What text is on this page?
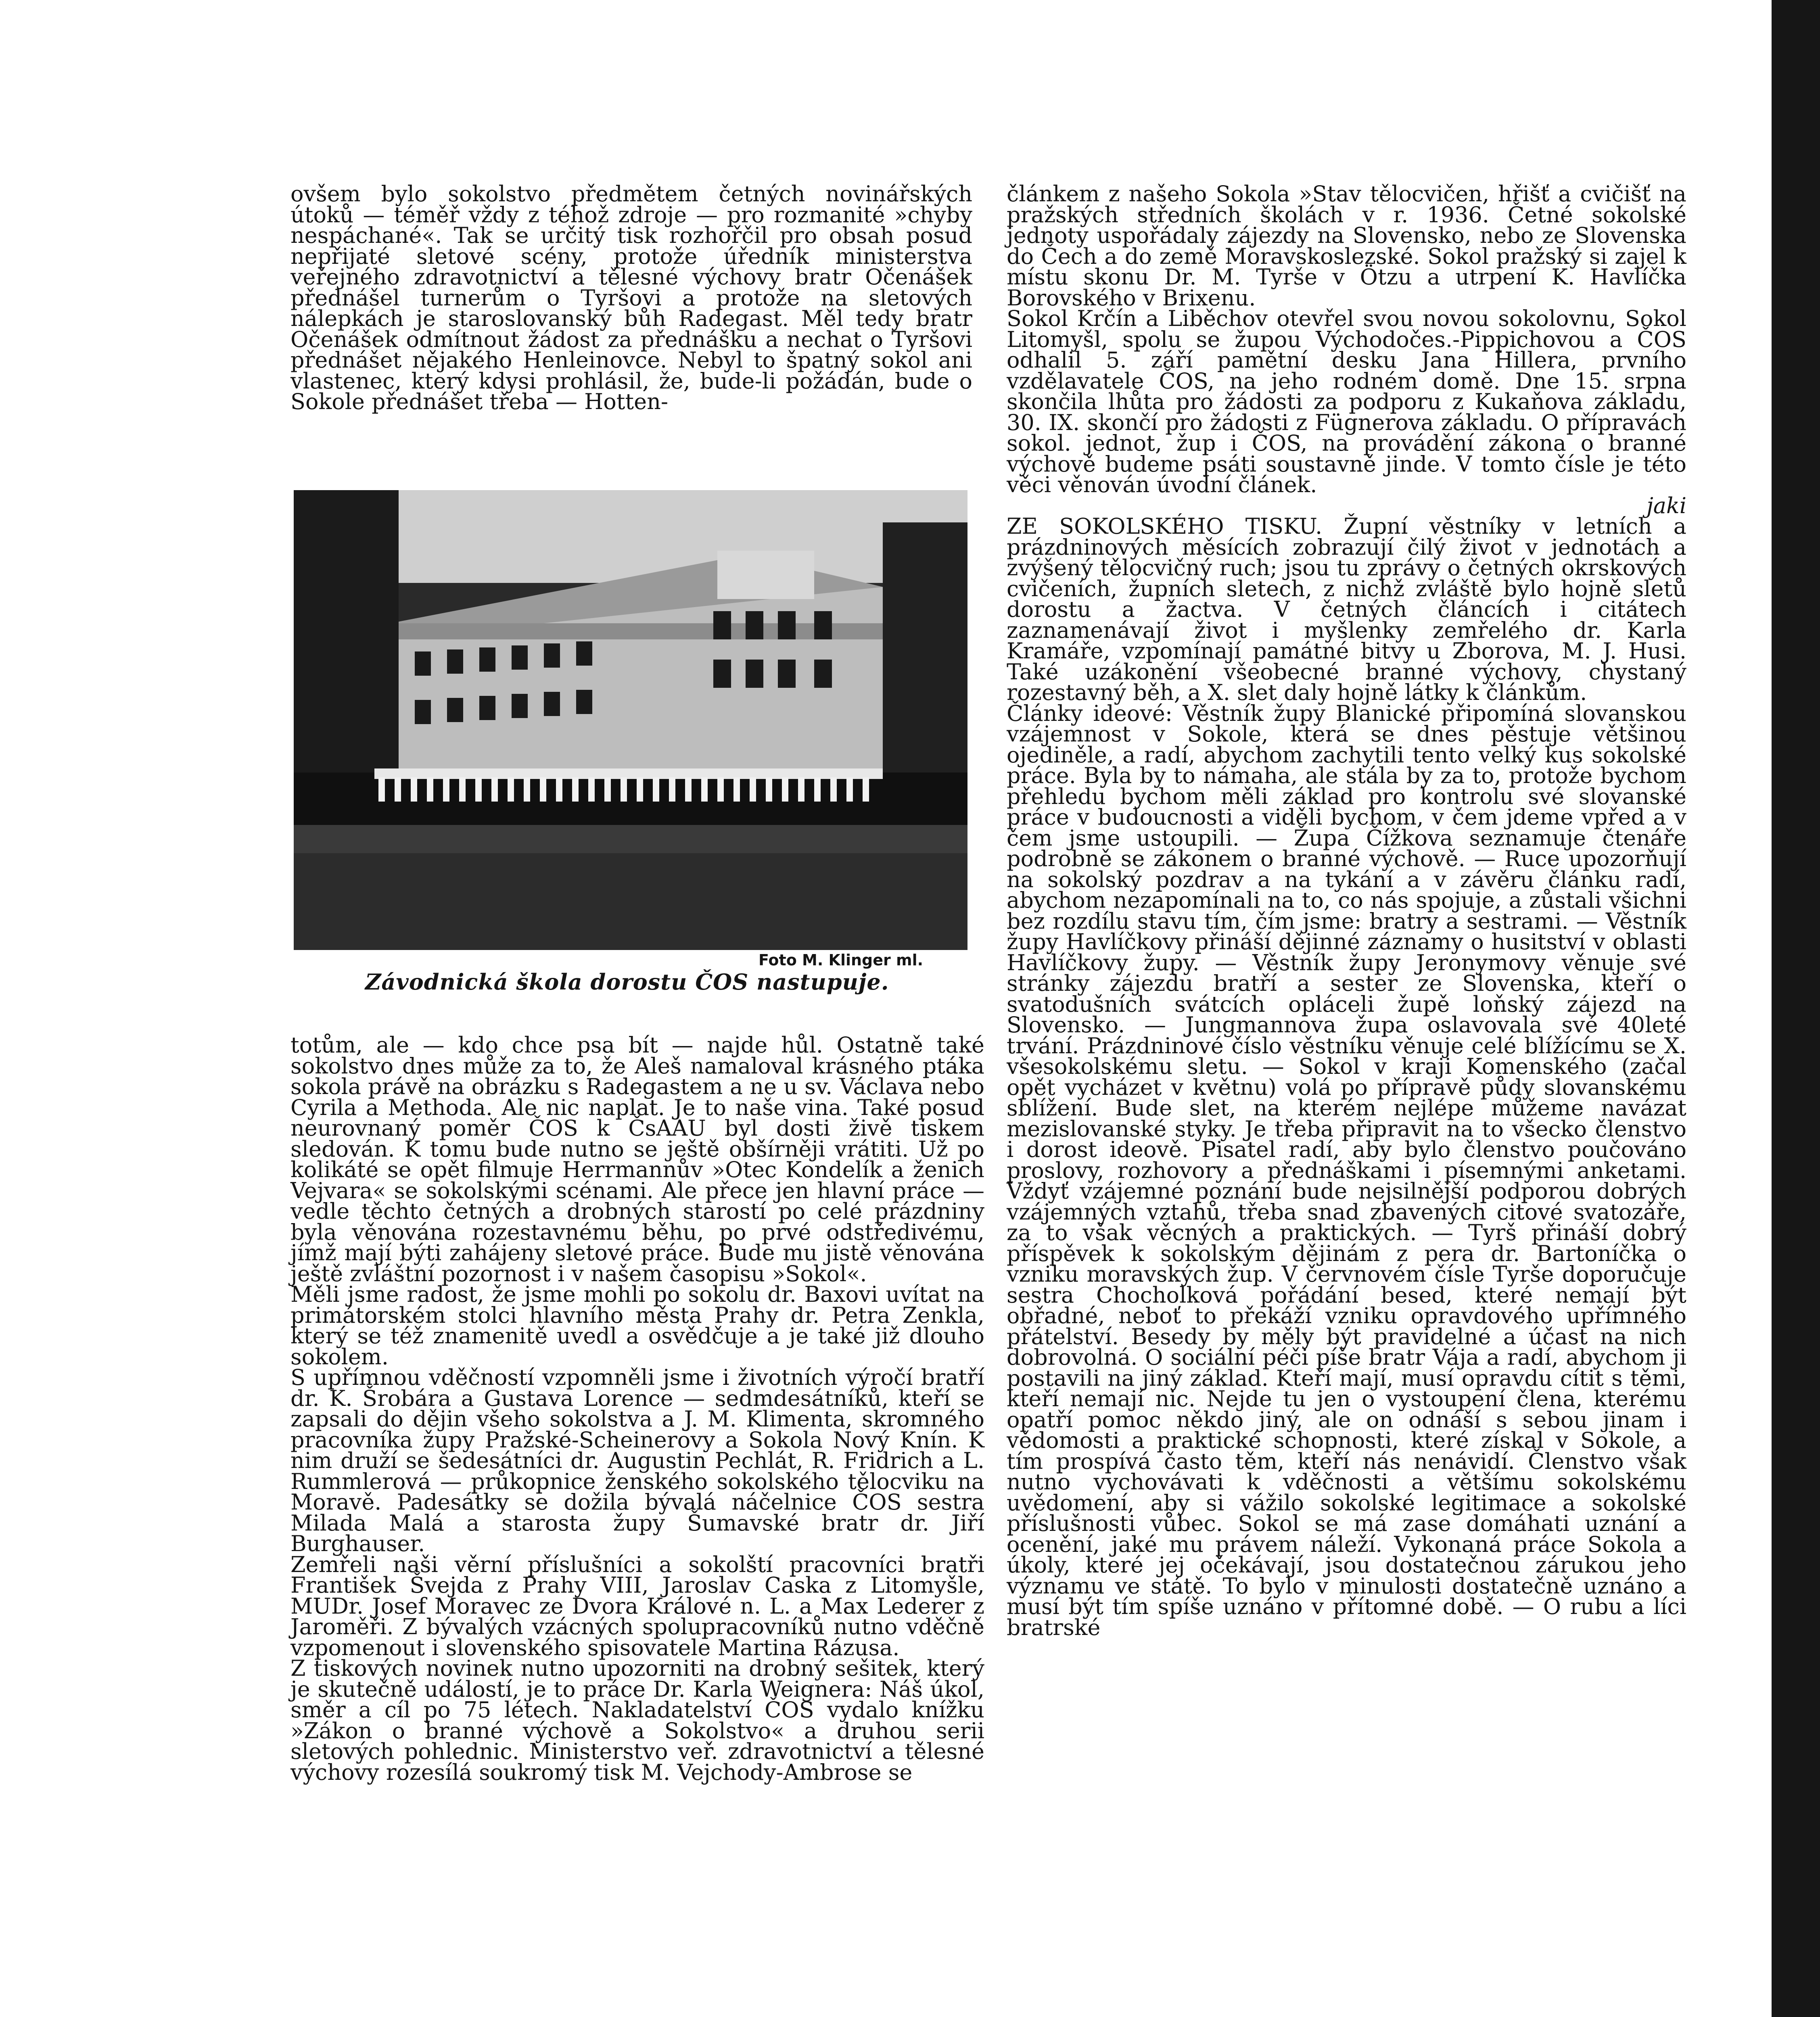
ovšem bylo sokolstvo předmětem četných novinářských útoků — téměř vždy z téhož zdroje — pro rozmanité »chyby nespáchané«. Tak se určitý tisk rozhořčil pro obsah posud nepřijaté sletové scény, protože úředník ministerstva veřejného zdravotnictví a tělesné výchovy bratr Očenášek přednášel turnerům o Tyršovi a protože na sletových nálepkách je staroslovanský bůh Radegast. Měl tedy bratr Očenášek odmítnout žádost za přednášku a nechat o Tyršovi přednášet nějakého Henleinovce. Nebyl to špatný sokol ani vlastenec, který kdysi prohlásil, že, bude-li požádán, bude o Sokole přednášet třeba — Hotten-

Foto M. Klinger ml.
Závodnická škola dorostu ČOS nastupuje.

totům, ale — kdo chce psa bít — najde hůl. Ostatně také sokolstvo dnes může za to, že Aleš namaloval krásného ptáka sokola právě na obrázku s Radegastem a ne u sv. Václava nebo Cyrila a Methoda. Ale nic naplat. Je to naše vina. Také posud neurovnaný poměr ČOS k ČsAAU byl dosti živě tiskem sledován. K tomu bude nutno se ještě obšírněji vrátiti. Už po kolikáté se opět filmuje Herrmannův »Otec Kondelík a ženich Vejvara« se sokolskými scénami. Ale přece jen hlavní práce — vedle těchto četných a drobných starostí po celé prázdniny byla věnována rozestavnému běhu, po prvé odstředivému, jímž mají býti zahájeny sletové práce. Bude mu jistě věnována ještě zvláštní pozornost i v našem časopisu »Sokol«.

Měli jsme radost, že jsme mohli po sokolu dr. Baxovi uvítat na primátorském stolci hlavního města Prahy dr. Petra Zenkla, který se též znamenitě uvedl a osvědčuje a je také již dlouho sokolem.

S upřímnou vděčností vzpomněli jsme i životních výročí bratří dr. K. Šrobára a Gustava Lorence — sedmdesátníků, kteří se zapsali do dějin všeho sokolstva a J. M. Klimenta, skromného pracovníka župy Pražské-Scheinerovy a Sokola Nový Knín. K nim druží se šedesátníci dr. Augustin Pechlát, R. Fridrich a L. Rummlerová — průkopnice ženského sokolského tělocviku na Moravě. Padesátky se dožila bývalá náčelnice ČOS sestra Milada Malá a starosta župy Šumavské bratr dr. Jiří Burghauser.

Zemřeli naši věrní příslušníci a sokolští pracovníci bratři František Švejda z Prahy VIII, Jaroslav Caska z Litomyšle, MUDr. Josef Moravec ze Dvora Králové n. L. a Max Lederer z Jaroměři. Z bývalých vzácných spolupracovníků nutno vděčně vzpomenout i slovenského spisovatele Martina Rázusa.

Z tiskových novinek nutno upozorniti na drobný sešitek, který je skutečně událostí, je to práce Dr. Karla Weignera: Náš úkol, směr a cíl po 75 létech. Nakladatelství ČOS vydalo knížku »Zákon o branné výchově a Sokolstvo« a druhou serii sletových pohlednic. Ministerstvo veř. zdravotnictví a tělesné výchovy rozesílá soukromý tisk M. Vejchody-Ambrose se

článkem z našeho Sokola »Stav tělocvičen, hřišť a cvičišť na pražských středních školách v r. 1936. Četné sokolské jednoty uspořádaly zájezdy na Slovensko, nebo ze Slovenska do Čech a do země Moravskoslezské. Sokol pražský si zajel k místu skonu Dr. M. Tyrše v Ötzu a utrpení K. Havlíčka Borovského v Brixenu.

Sokol Krčín a Liběchov otevřel svou novou sokolovnu, Sokol Litomyšl, spolu se župou Východočes.-Pippichovou a ČOS odhalil 5. září pamětní desku Jana Hillera, prvního vzdělavatele ČOS, na jeho rodném domě. Dne 15. srpna skončila lhůta pro žádosti za podporu z Kukaňova základu, 30. IX. skončí pro žádosti z Fügnerova základu. O přípravách sokol. jednot, žup i ČOS, na provádění zákona o branné výchově budeme psáti soustavně jinde. V tomto čísle je této věci věnován úvodní článek.

jaki

ZE SOKOLSKÉHO TISKU. Župní věstníky v letních a prázdninových měsících zobrazují čilý život v jednotách a zvýšený tělocvičný ruch; jsou tu zprávy o četných okrskových cvičeních, župních sletech, z nichž zvláště bylo hojně sletů dorostu a žactva. V četných článcích i citátech zaznamenávají život i myšlenky zemřelého dr. Karla Kramáře, vzpomínají památné bitvy u Zborova, M. J. Husi. Také uzákonění všeobecné branné výchovy, chystaný rozestavný běh, a X. slet daly hojně látky k článkům.

Články ideové: Věstník župy Blanické připomíná slovanskou vzájemnost v Sokole, která se dnes pěstuje většinou ojediněle, a radí, abychom zachytili tento velký kus sokolské práce. Byla by to námaha, ale stála by za to, protože bychom přehledu bychom měli základ pro kontrolu své slovanské práce v budoucnosti a viděli bychom, v čem jdeme vpřed a v čem jsme ustoupili. — Župa Čížkova seznamuje čtenáře podrobně se zákonem o branné výchově. — Ruce upozorňují na sokolský pozdrav a na tykání a v závěru článku radí, abychom nezapomínali na to, co nás spojuje, a zůstali všichni bez rozdílu stavu tím, čím jsme: bratry a sestrami. — Věstník župy Havlíčkovy přináší dějinné záznamy o husitství v oblasti Havlíčkovy župy. — Věstník župy Jeronymovy věnuje své stránky zájezdu bratří a sester ze Slovenska, kteří o svatodušních svátcích opláceli župě loňský zájezd na Slovensko. — Jungmannova župa oslavovala své 40leté trvání. Prázdninové číslo věstníku věnuje celé blížícímu se X. všesokolskému sletu. — Sokol v kraji Komenského (začal opět vycházet v květnu) volá po přípravě půdy slovanskému sblížení. Bude slet, na kterém nejlépe můžeme navázat mezislovanské styky. Je třeba připravit na to všecko členstvo i dorost ideově. Pisatel radí, aby bylo členstvo poučováno proslovy, rozhovory a přednáškami i písemnými anketami. Vždyť vzájemné poznání bude nejsilnější podporou dobrých vzájemných vztahů, třeba snad zbavených citové svatozáře, za to však věcných a praktických. — Tyrš přináší dobrý příspěvek k sokolským dějinám z pera dr. Bartoníčka o vzniku moravských žup. V červnovém čísle Tyrše doporučuje sestra Chocholková pořádání besed, které nemají být obřadné, neboť to překáží vzniku opravdového upřímného přátelství. Besedy by měly být pravidelné a účast na nich dobrovolná. O sociální péči píše bratr Vája a radí, abychom ji postavili na jiný základ. Kteří mají, musí opravdu cítit s těmi, kteří nemají nic. Nejde tu jen o vystoupení člena, kterému opatří pomoc někdo jiný, ale on odnáší s sebou jinam i vědomosti a praktické schopnosti, které získal v Sokole, a tím prospívá často těm, kteří nás nenávidí. Členstvo však nutno vychovávati k vděčnosti a většímu sokolskému uvědomení, aby si vážilo sokolské legitimace a sokolské příslušnosti vůbec. Sokol se má zase domáhati uznání a ocenění, jaké mu právem náleží. Vykonaná práce Sokola a úkoly, které jej očekávají, jsou dostatečnou zárukou jeho významu ve státě. To bylo v minulosti dostatečně uznáno a musí být tím spíše uznáno v přítomné době. — O rubu a líci bratrské
